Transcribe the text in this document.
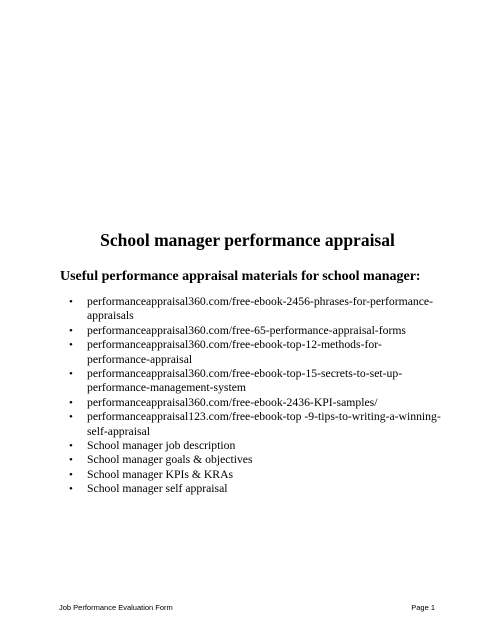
School manager performance appraisal

Useful performance appraisal materials for school manager:

• performanceappraisal360.com/free-ebook-2456-phrases-for-performance-appraisals
• performanceappraisal360.com/free-65-performance-appraisal-forms
• performanceappraisal360.com/free-ebook-top-12-methods-for-performance-appraisal
• performanceappraisal360.com/free-ebook-top-15-secrets-to-set-up-performance-management-system
• performanceappraisal360.com/free-ebook-2436-KPI-samples/
• performanceappraisal123.com/free-ebook-top -9-tips-to-writing-a-winning-self-appraisal
• School manager job description
• School manager goals & objectives
• School manager KPIs & KRAs
• School manager self appraisal
Job Performance Evaluation Form	Page 1
